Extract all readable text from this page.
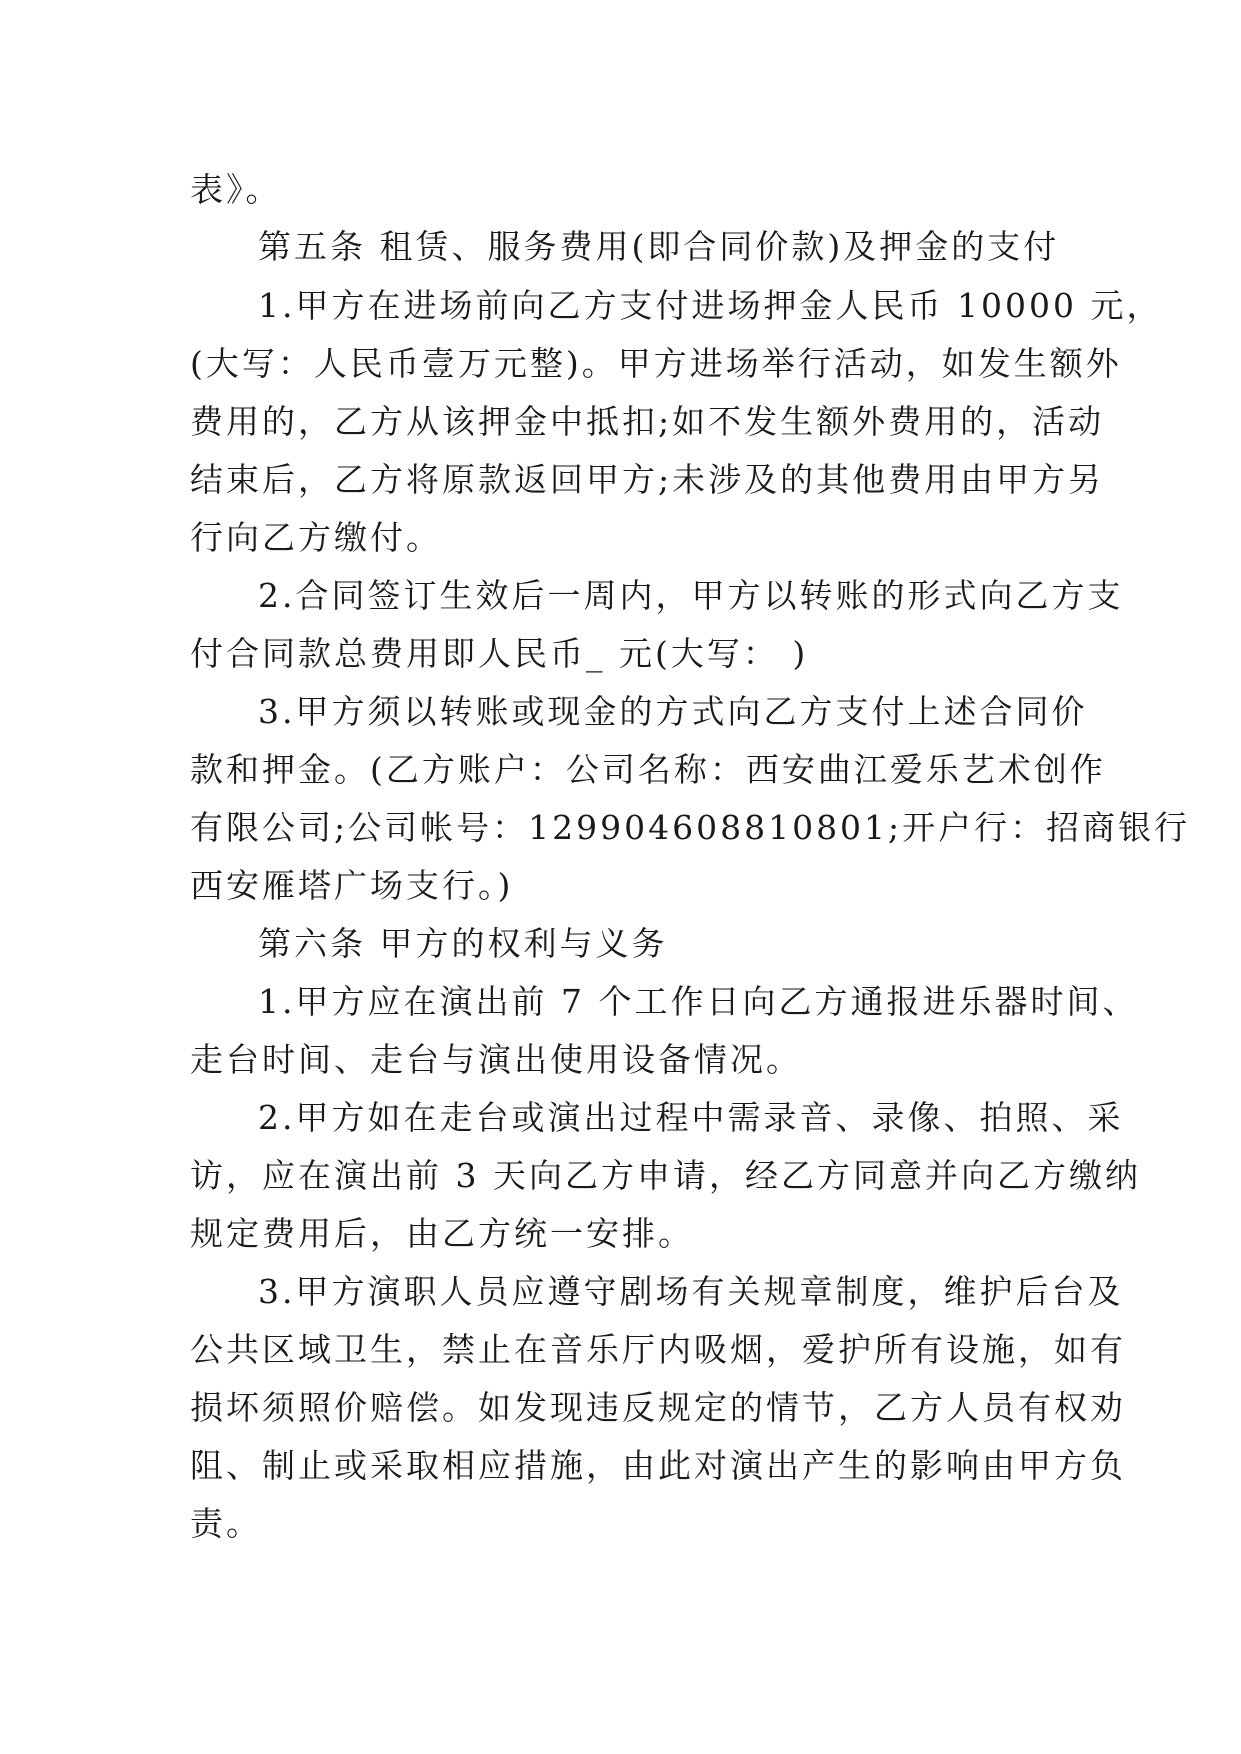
表》。
第五条 租赁、服务费用(即合同价款)及押金的支付
1.甲方在进场前向乙方支付进场押金人民币 10000 元，
(大写：人民币壹万元整)。甲方进场举行活动，如发生额外
费用的，乙方从该押金中抵扣;如不发生额外费用的，活动
结束后，乙方将原款返回甲方;未涉及的其他费用由甲方另
行向乙方缴付。
2.合同签订生效后一周内，甲方以转账的形式向乙方支
付合同款总费用即人民币_ 元(大写： )
3.甲方须以转账或现金的方式向乙方支付上述合同价
款和押金。(乙方账户：公司名称：西安曲江爱乐艺术创作
有限公司;公司帐号：129904608810801;开户行：招商银行
西安雁塔广场支行。)
第六条 甲方的权利与义务
1.甲方应在演出前 7 个工作日向乙方通报进乐器时间、
走台时间、走台与演出使用设备情况。
2.甲方如在走台或演出过程中需录音、录像、拍照、采
访，应在演出前 3 天向乙方申请，经乙方同意并向乙方缴纳
规定费用后，由乙方统一安排。
3.甲方演职人员应遵守剧场有关规章制度，维护后台及
公共区域卫生，禁止在音乐厅内吸烟，爱护所有设施，如有
损坏须照价赔偿。如发现违反规定的情节，乙方人员有权劝
阻、制止或采取相应措施，由此对演出产生的影响由甲方负
责。
